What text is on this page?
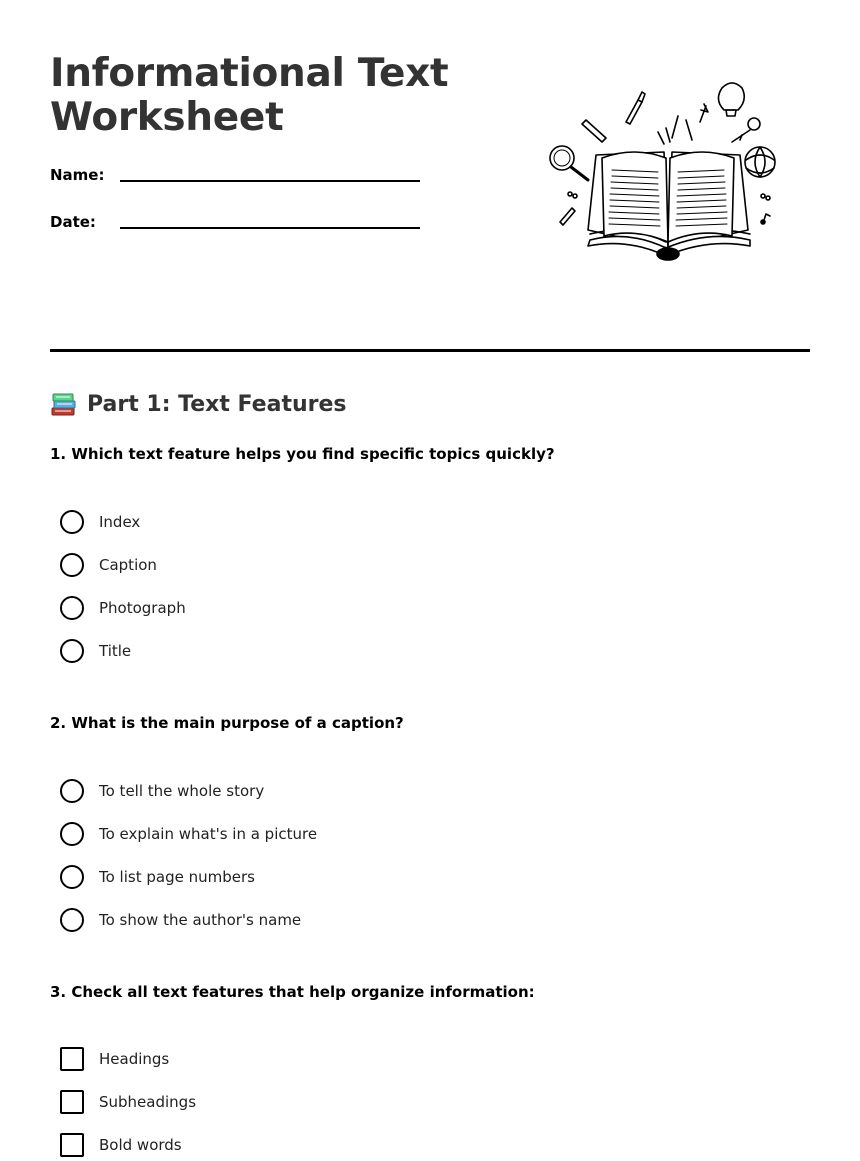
Informational Text
Worksheet
Name:
Date:
Part 1: Text Features
1. Which text feature helps you find specific topics quickly?
Index
Caption
Photograph
Title
2. What is the main purpose of a caption?
To tell the whole story
To explain what's in a picture
To list page numbers
To show the author's name
3. Check all text features that help organize information:
Headings
Subheadings
Bold words
